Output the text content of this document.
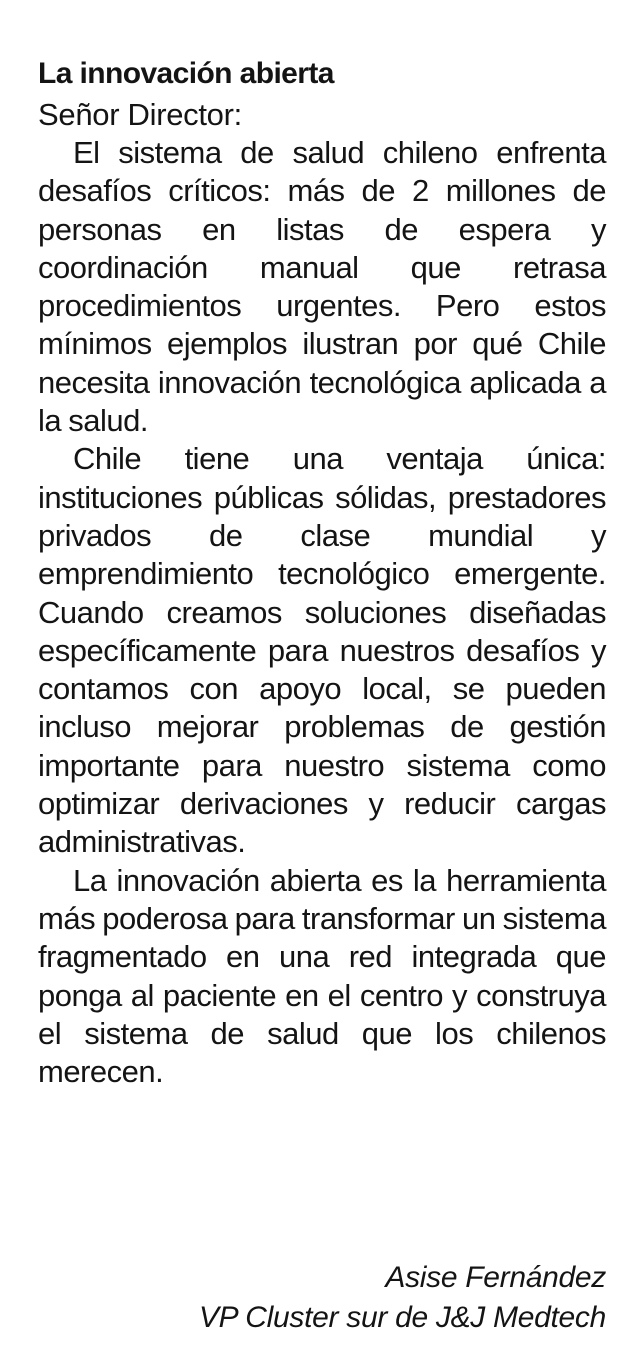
La innovación abierta

Señor Director:

El sistema de salud chileno enfrenta desafíos críticos: más de 2 millones de personas en listas de espera y coordinación manual que retrasa procedimientos urgentes. Pero estos mínimos ejemplos ilustran por qué Chile necesita innovación tecnológica aplicada a la salud.

Chile tiene una ventaja única: instituciones públicas sólidas, prestadores privados de clase mundial y emprendimiento tecnológico emergente. Cuando creamos soluciones diseñadas específicamente para nuestros desafíos y contamos con apoyo local, se pueden incluso mejorar problemas de gestión importante para nuestro sistema como optimizar derivaciones y reducir cargas administrativas.

La innovación abierta es la herramienta más poderosa para transformar un sistema fragmentado en una red integrada que ponga al paciente en el centro y construya el sistema de salud que los chilenos merecen.

Asise Fernández
VP Cluster sur de J&J Medtech
